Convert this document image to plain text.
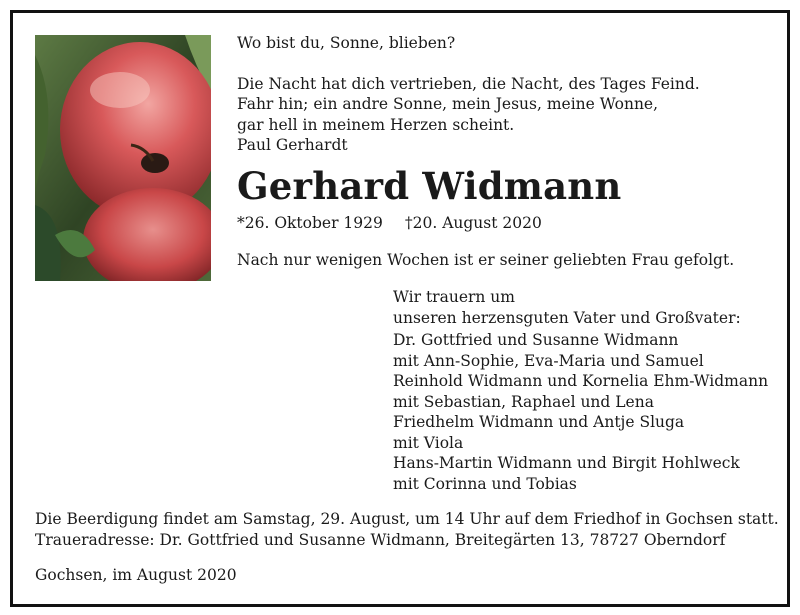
Wo bist du, Sonne, blieben?

Die Nacht hat dich vertrieben, die Nacht, des Tages Feind.

Fahr hin; ein andre Sonne, mein Jesus, meine Wonne,

gar hell in meinem Herzen scheint.

Paul Gerhardt

Gerhard Widmann
*26. Oktober 1929 †20. August 2020
Nach nur wenigen Wochen ist er seiner geliebten Frau gefolgt.

Wir trauern um

unseren herzensguten Vater und Großvater:

Dr. Gottfried und Susanne Widmann

mit Ann-Sophie, Eva-Maria und Samuel

Reinhold Widmann und Kornelia Ehm-Widmann

mit Sebastian, Raphael und Lena

Friedhelm Widmann und Antje Sluga

mit Viola

Hans-Martin Widmann und Birgit Hohlweck

mit Corinna und Tobias

Die Beerdigung findet am Samstag, 29. August, um 14 Uhr auf dem Friedhof in Gochsen statt.

Traueradresse: Dr. Gottfried und Susanne Widmann, Breitegärten 13, 78727 Oberndorf

Gochsen, im August 2020
